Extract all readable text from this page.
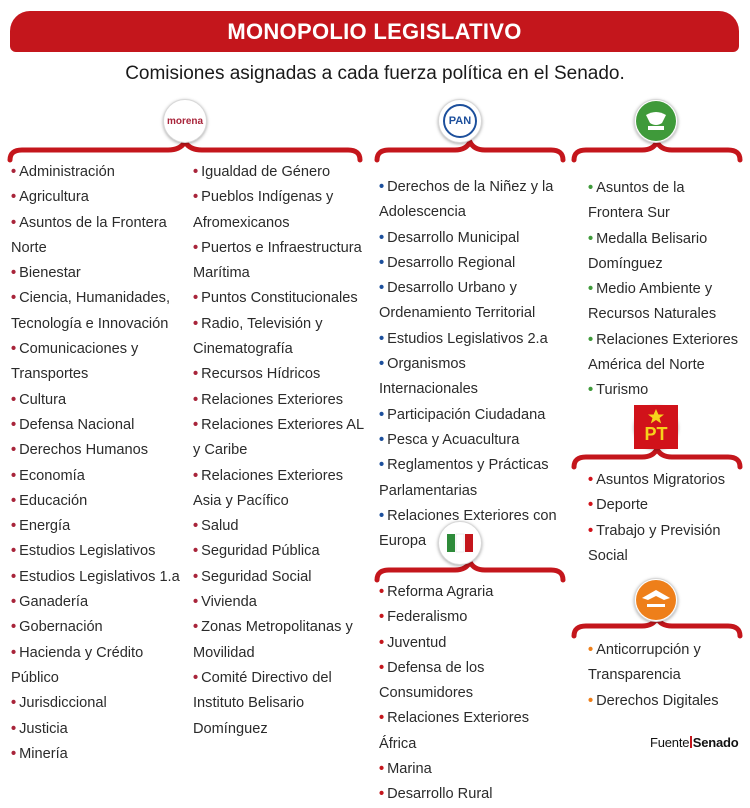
MONOPOLIO LEGISLATIVO
Comisiones asignadas a cada fuerza política en el Senado.
morena	PAN
PT
• Administración
• Agricultura
• Asuntos de la Frontera Norte
• Bienestar
• Ciencia, Humanidades, Tecnología e Innovación
• Comunicaciones y Transportes
• Cultura
• Defensa Nacional
• Derechos Humanos
• Economía
• Educación
• Energía
• Estudios Legislativos
• Estudios Legislativos 1.a
• Ganadería
• Gobernación
• Hacienda y Crédito Público
• Jurisdiccional
• Justicia
• Minería
• Igualdad de Género
• Pueblos Indígenas y Afromexicanos
• Puertos e Infraestructura Marítima
• Puntos Constitucionales
• Radio, Televisión y Cinematografía
• Recursos Hídricos
• Relaciones Exteriores
• Relaciones Exteriores AL y Caribe
• Relaciones Exteriores Asia y Pacífico
• Salud
• Seguridad Pública
• Seguridad Social
• Vivienda
• Zonas Metropolitanas y Movilidad
• Comité Directivo del Instituto Belisario Domínguez
• Derechos de la Niñez y la Adolescencia
• Desarrollo Municipal
• Desarrollo Regional
• Desarrollo Urbano y Ordenamiento Territorial
• Estudios Legislativos 2.a
• Organismos Internacionales
• Participación Ciudadana
• Pesca y Acuacultura
• Reglamentos y Prácticas Parlamentarias
• Relaciones Exteriores con Europa
• Reforma Agraria
• Federalismo
• Juventud
• Defensa de los Consumidores
• Relaciones Exteriores África
• Marina
• Desarrollo Rural
• Asuntos de la Frontera Sur
• Medalla Belisario Domínguez
• Medio Ambiente y Recursos Naturales
• Relaciones Exteriores América del Norte
• Turismo
• Asuntos Migratorios
• Deporte
• Trabajo y Previsión Social
• Anticorrupción y Transparencia
• Derechos Digitales
Fuente Senado
